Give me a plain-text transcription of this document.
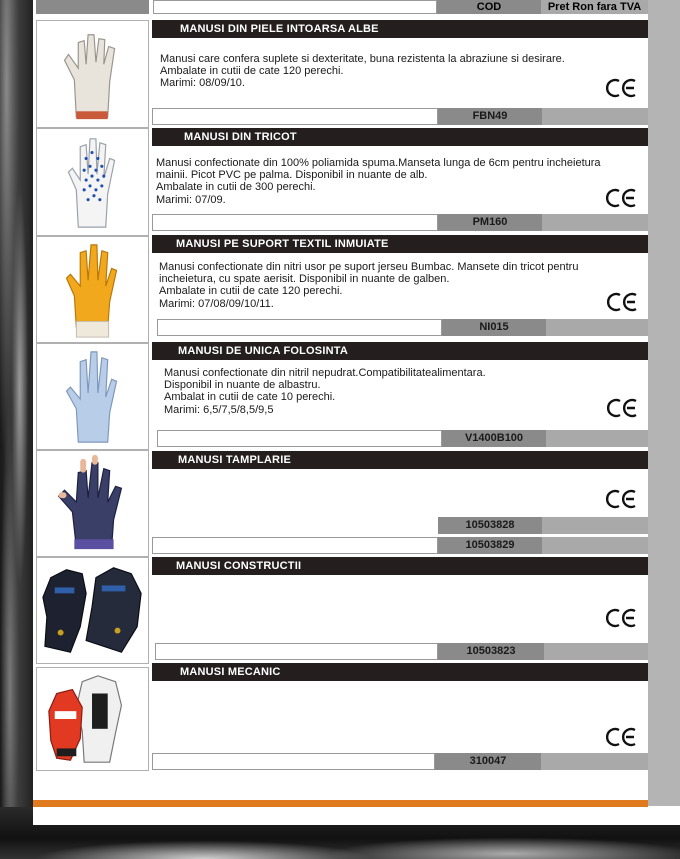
COD	Pret Ron fara TVA
MANUSI DIN PIELE INTOARSA ALBE
Manusi care confera suplete si dexteritate, buna rezistenta la abraziune si desirare.
Ambalate in cutii de cate 120 perechi.
Marimi: 08/09/10.
FBN49
MANUSI DIN TRICOT
Manusi confectionate din 100% poliamida spuma.Manseta lunga de 6cm pentru incheietura
mainii. Picot PVC pe palma. Disponibil in nuante de alb.
Ambalate in cutii de 300 perechi.
Marimi: 07/09.
PM160
MANUSI PE SUPORT TEXTIL INMUIATE
Manusi confectionate din nitri usor pe suport jerseu Bumbac. Mansete din tricot pentru
incheietura, cu spate aerisit. Disponibil in nuante de galben.
Ambalate in cutii de cate 120 perechi.
Marimi: 07/08/09/10/11.
NI015
MANUSI DE UNICA FOLOSINTA
Manusi confectionate din nitril nepudrat.Compatibilitatealimentara.
Disponibil in nuante de albastru.
Ambalat in cutii de cate 10 perechi.
Marimi: 6,5/7,5/8,5/9,5
V1400B100
MANUSI TAMPLARIE
10503828
10503829
MANUSI CONSTRUCTII
10503823
MANUSI MECANIC
310047
